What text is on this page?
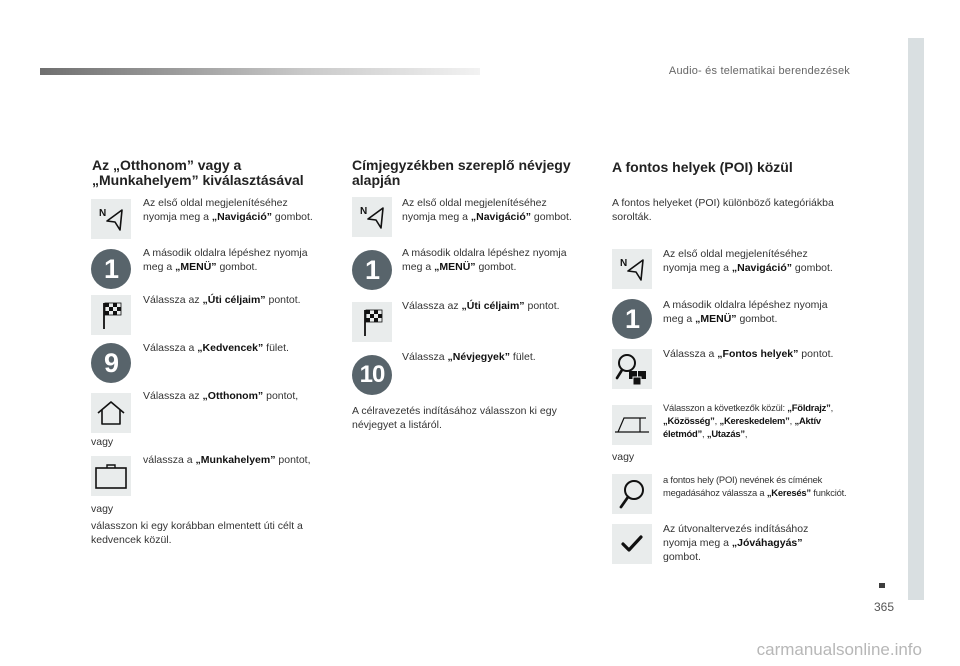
Audio- és telematikai berendezések
365
carmanualsonline.info
Az „Otthonom” vagy a
„Munkahelyem” kiválasztásával
N
Az első oldal megjelenítéséhez
nyomja meg a „Navigáció” gombot.
1
A második oldalra lépéshez nyomja
meg a „MENÜ” gombot.
Válassza az „Úti céljaim” pontot.
9	Válassza a „Kedvencek” fület.
Válassza az „Otthonom” pontot,
vagy
válassza a „Munkahelyem” pontot,
vagy
válasszon ki egy korábban elmentett úti célt a
kedvencek közül.
Címjegyzékben szereplő névjegy
alapján
N
Az első oldal megjelenítéséhez
nyomja meg a „Navigáció” gombot.
1
A második oldalra lépéshez nyomja
meg a „MENÜ” gombot.
Válassza az „Úti céljaim” pontot.
10
Válassza „Névjegyek” fület.
A célravezetés indításához válasszon ki egy
névjegyet a listáról.
A fontos helyek (POI) közül
A fontos helyeket (POI) különböző kategóriákba
sorolták.
N
Az első oldal megjelenítéséhez
nyomja meg a „Navigáció” gombot.
1	A második oldalra lépéshez nyomja
meg a „MENÜ” gombot.
Válassza a „Fontos helyek” pontot.
Válasszon a következők közül: „Földrajz”,
„Közösség”, „Kereskedelem”, „Aktív
életmód”, „Utazás”,
vagy
a fontos hely (POI) nevének és címének
megadásához válassza a „Keresés” funkciót.
Az útvonaltervezés indításához
nyomja meg a „Jóváhagyás”
gombot.
